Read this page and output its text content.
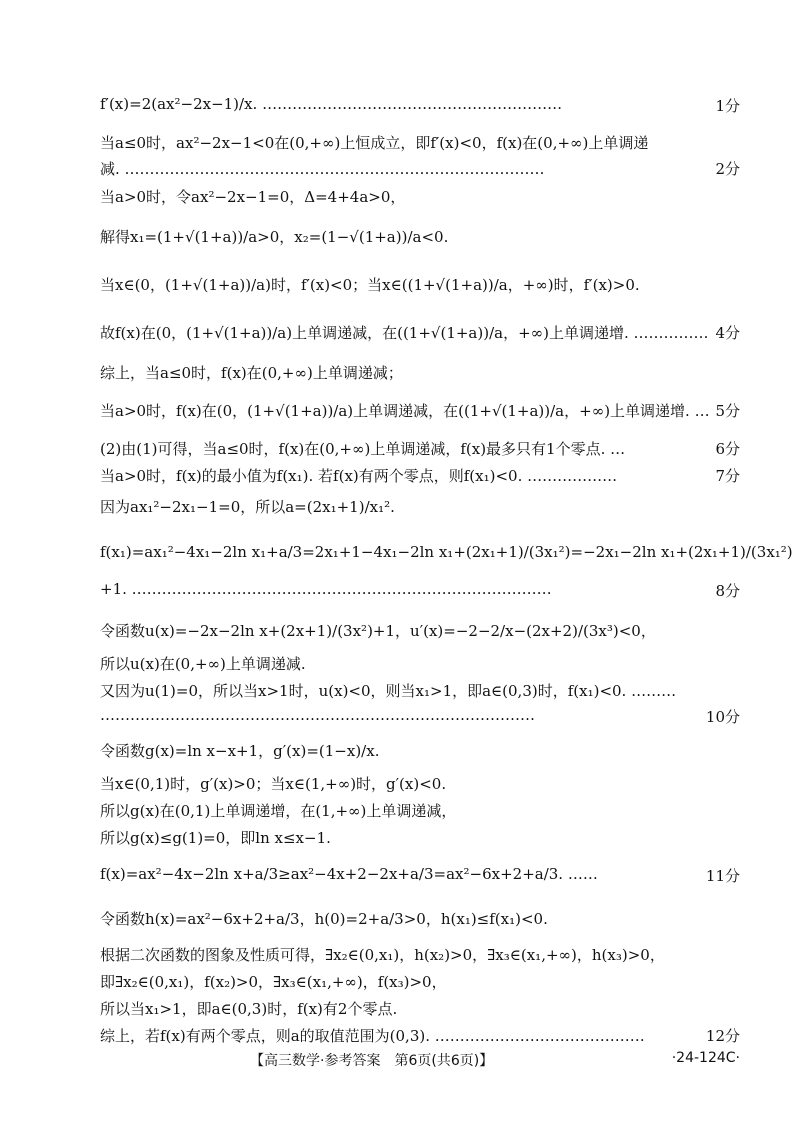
f′(x)=2(ax²−2x−1)/x. ……………………………………………………	1分
当a≤0时，ax²−2x−1<0在(0,+∞)上恒成立，即f′(x)<0，f(x)在(0,+∞)上单调递
减. …………………………………………………………………………	2分
当a>0时，令ax²−2x−1=0，Δ=4+4a>0，
解得x₁=(1+√(1+a))/a>0，x₂=(1−√(1+a))/a<0.
当x∈(0，(1+√(1+a))/a)时，f′(x)<0；当x∈((1+√(1+a))/a，+∞)时，f′(x)>0.
故f(x)在(0，(1+√(1+a))/a)上单调递减，在((1+√(1+a))/a，+∞)上单调递增. …………… 4分
综上，当a≤0时，f(x)在(0,+∞)上单调递减；
当a>0时，f(x)在(0，(1+√(1+a))/a)上单调递减，在((1+√(1+a))/a，+∞)上单调递增. … 5分
(2)由(1)可得，当a≤0时，f(x)在(0,+∞)上单调递减，f(x)最多只有1个零点. …	6分
当a>0时，f(x)的最小值为f(x₁). 若f(x)有两个零点，则f(x₁)<0. ………………	7分
因为ax₁²−2x₁−1=0，所以a=(2x₁+1)/x₁².
f(x₁)=ax₁²−4x₁−2ln x₁+a/3=2x₁+1−4x₁−2ln x₁+(2x₁+1)/(3x₁²)=−2x₁−2ln x₁+(2x₁+1)/(3x₁²)
+1. …………………………………………………………………………	8分
令函数u(x)=−2x−2ln x+(2x+1)/(3x²)+1，u′(x)=−2−2/x−(2x+2)/(3x³)<0，
所以u(x)在(0,+∞)上单调递减.
又因为u(1)=0，所以当x>1时，u(x)<0，则当x₁>1，即a∈(0,3)时，f(x₁)<0. ………
……………………………………………………………………………	10分
令函数g(x)=ln x−x+1，g′(x)=(1−x)/x.
当x∈(0,1)时，g′(x)>0；当x∈(1,+∞)时，g′(x)<0.
所以g(x)在(0,1)上单调递增，在(1,+∞)上单调递减，
所以g(x)≤g(1)=0，即ln x≤x−1.
f(x)=ax²−4x−2ln x+a/3≥ax²−4x+2−2x+a/3=ax²−6x+2+a/3. ……	11分
令函数h(x)=ax²−6x+2+a/3，h(0)=2+a/3>0，h(x₁)≤f(x₁)<0.
根据二次函数的图象及性质可得，∃x₂∈(0,x₁)，h(x₂)>0，∃x₃∈(x₁,+∞)，h(x₃)>0，
即∃x₂∈(0,x₁)，f(x₂)>0，∃x₃∈(x₁,+∞)，f(x₃)>0，
所以当x₁>1，即a∈(0,3)时，f(x)有2个零点.
综上，若f(x)有两个零点，则a的取值范围为(0,3). ……………………………………	12分
【高三数学·参考答案　第6页(共6页)】	·24-124C·
